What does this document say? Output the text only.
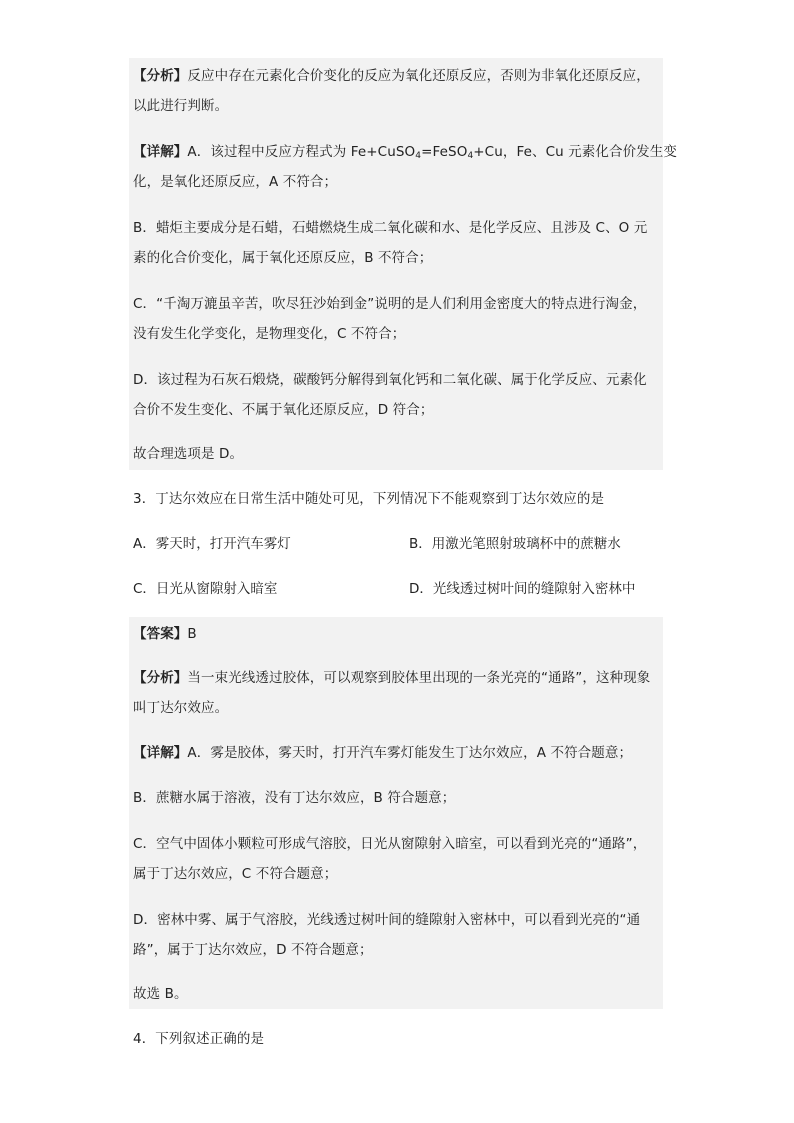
【分析】反应中存在元素化合价变化的反应为氧化还原反应，否则为非氧化还原反应，
以此进行判断。
【详解】A．该过程中反应方程式为 Fe+CuSO$_4$=FeSO$_4$+Cu，Fe、Cu 元素化合价发生变
化，是氧化还原反应，A 不符合；
B．蜡炬主要成分是石蜡，石蜡燃烧生成二氧化碳和水、是化学反应、且涉及 C、O 元
素的化合价变化，属于氧化还原反应，B 不符合；
C．“千淘万漉虽辛苦，吹尽狂沙始到金”说明的是人们利用金密度大的特点进行淘金，
没有发生化学变化，是物理变化，C 不符合；
D．该过程为石灰石煅烧，碳酸钙分解得到氧化钙和二氧化碳、属于化学反应、元素化
合价不发生变化、不属于氧化还原反应，D 符合；
故合理选项是 D。
3．丁达尔效应在日常生活中随处可见，下列情况下不能观察到丁达尔效应的是
A．雾天时，打开汽车雾灯	B．用激光笔照射玻璃杯中的蔗糖水
C．日光从窗隙射入暗室	D．光线透过树叶间的缝隙射入密林中
【答案】B
【分析】当一束光线透过胶体，可以观察到胶体里出现的一条光亮的“通路”，这种现象
叫丁达尔效应。
【详解】A．雾是胶体，雾天时，打开汽车雾灯能发生丁达尔效应，A 不符合题意；
B．蔗糖水属于溶液，没有丁达尔效应，B 符合题意；
C．空气中固体小颗粒可形成气溶胶，日光从窗隙射入暗室，可以看到光亮的“通路”，
属于丁达尔效应，C 不符合题意；
D．密林中雾、属于气溶胶，光线透过树叶间的缝隙射入密林中，可以看到光亮的“通
路”，属于丁达尔效应，D 不符合题意；
故选 B。
4．下列叙述正确的是
